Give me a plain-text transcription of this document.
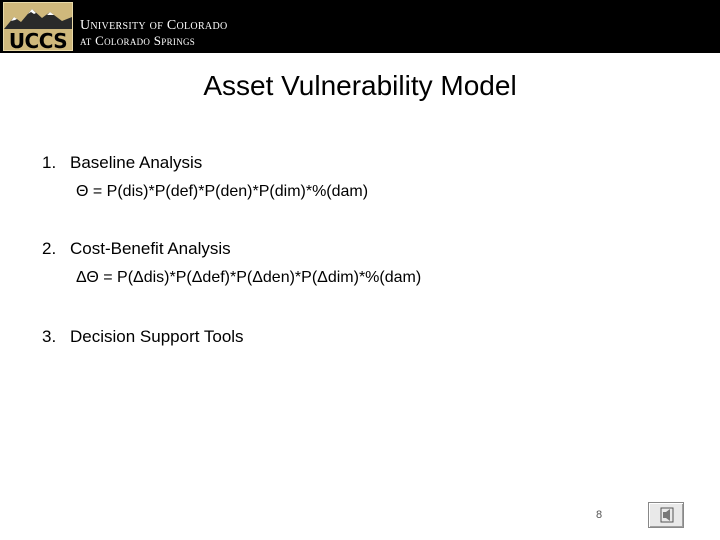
UCCS
University of Colorado
at Colorado Springs
Asset Vulnerability Model
1. Baseline Analysis
Θ = P(dis)*P(def)*P(den)*P(dim)*%(dam)
2. Cost-Benefit Analysis
ΔΘ = P(Δdis)*P(Δdef)*P(Δden)*P(Δdim)*%(dam)
3. Decision Support Tools
8
